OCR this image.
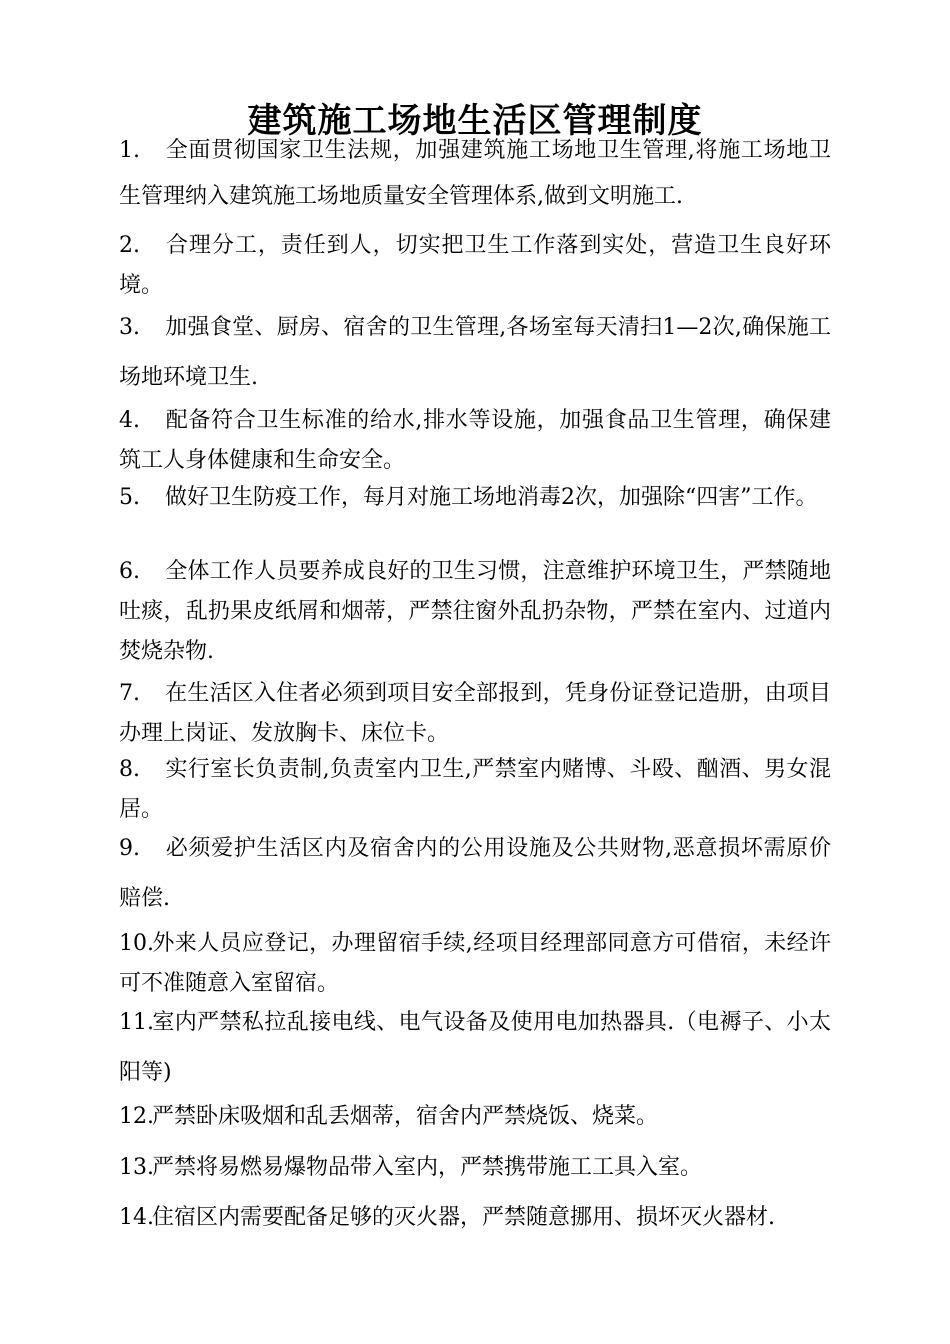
建筑施工场地生活区管理制度

1. 全面贯彻国家卫生法规，加强建筑施工场地卫生管理,将施工场地卫生管理纳入建筑施工场地质量安全管理体系,做到文明施工.

2. 合理分工，责任到人，切实把卫生工作落到实处，营造卫生良好环境。

3. 加强食堂、厨房、宿舍的卫生管理,各场室每天清扫1—2次,确保施工场地环境卫生.

4. 配备符合卫生标准的给水,排水等设施，加强食品卫生管理，确保建筑工人身体健康和生命安全。

5. 做好卫生防疫工作，每月对施工场地消毒2次，加强除“四害”工作。

6. 全体工作人员要养成良好的卫生习惯，注意维护环境卫生，严禁随地吐痰，乱扔果皮纸屑和烟蒂，严禁往窗外乱扔杂物，严禁在室内、过道内焚烧杂物.

7. 在生活区入住者必须到项目安全部报到，凭身份证登记造册，由项目办理上岗证、发放胸卡、床位卡。

8. 实行室长负责制,负责室内卫生,严禁室内赌博、斗殴、酗酒、男女混居。

9. 必须爱护生活区内及宿舍内的公用设施及公共财物,恶意损坏需原价赔偿.

10.外来人员应登记，办理留宿手续,经项目经理部同意方可借宿，未经许可不准随意入室留宿。

11.室内严禁私拉乱接电线、电气设备及使用电加热器具.（电褥子、小太阳等)

12.严禁卧床吸烟和乱丢烟蒂，宿舍内严禁烧饭、烧菜。

13.严禁将易燃易爆物品带入室内，严禁携带施工工具入室。

14.住宿区内需要配备足够的灭火器，严禁随意挪用、损坏灭火器材.
